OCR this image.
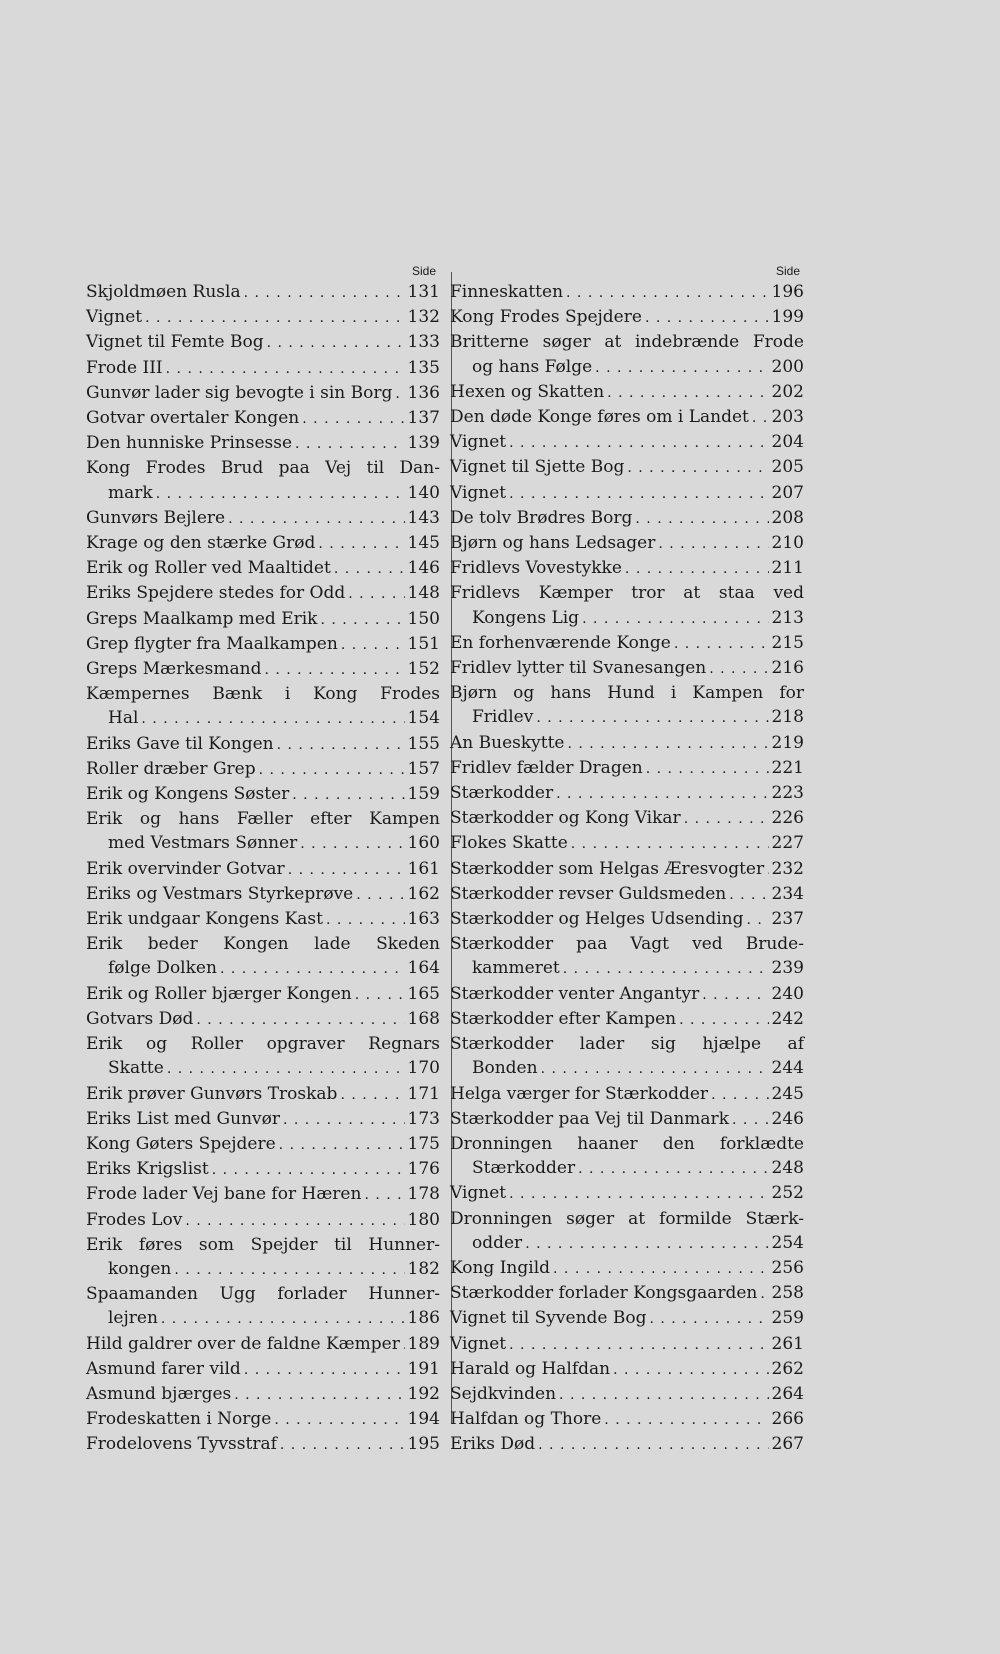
Side
Skjoldmøen Rusla . . .	131
Vignet . . .	132
Vignet til Femte Bog . . .	133
Frode III . . .	135
Gunvør lader sig bevogte i sin Borg . . . 136
Gotvar overtaler Kongen . . .	137
Den hunniske Prinsesse . . .	139
Kong Frodes Brud paa Vej til Dan-
mark . . .	140
Gunvørs Bejlere . . .	143
Krage og den stærke Grød . . .	145
Erik og Roller ved Maaltidet . . .	146
Eriks Spejdere stedes for Odd . . .	148
Greps Maalkamp med Erik . . .	150
Grep flygter fra Maalkampen . . .	151
Greps Mærkesmand . . .	152
Kæmpernes Bænk i Kong Frodes
Hal . . .	154
Eriks Gave til Kongen . . .	155
Roller dræber Grep . . .	157
Erik og Kongens Søster . . .	159
Erik og hans Fæller efter Kampen
med Vestmars Sønner . . .	160
Erik overvinder Gotvar . . .	161
Eriks og Vestmars Styrkeprøve . . .	162
Erik undgaar Kongens Kast . . .	163
Erik beder Kongen lade Skeden
følge Dolken . . .	164
Erik og Roller bjærger Kongen . . .	165
Gotvars Død . . .	168
Erik og Roller opgraver Regnars
Skatte . . .	170
Erik prøver Gunvørs Troskab . . .	171
Eriks List med Gunvør . . .	173
Kong Gøters Spejdere . . .	175
Eriks Krigslist . . .	176
Frode lader Vej bane for Hæren . . .	178
Frodes Lov . . .	180
Erik føres som Spejder til Hunner-
kongen . . .	182
Spaamanden Ugg forlader Hunner-
lejren . . .	186
Hild galdrer over de faldne Kæmper . . . 189
Asmund farer vild . . .	191
Asmund bjærges . . .	192
Frodeskatten i Norge . . .	194
Frodelovens Tyvsstraf . . .	195
Side
Finneskatten . . .	196
Kong Frodes Spejdere . . .	199
Britterne søger at indebrænde Frode
og hans Følge . . .	200
Hexen og Skatten . . .	202
Den døde Konge føres om i Landet . . . 203
Vignet . . .	204
Vignet til Sjette Bog . . .	205
Vignet . . .	207
De tolv Brødres Borg . . .	208
Bjørn og hans Ledsager . . .	210
Fridlevs Vovestykke . . .	211
Fridlevs Kæmper tror at staa ved
Kongens Lig . . .	213
En forhenværende Konge . . .	215
Fridlev lytter til Svanesangen . . .	216
Bjørn og hans Hund i Kampen for
Fridlev . . .	218
An Bueskytte . . .	219
Fridlev fælder Dragen . . .	221
Stærkodder . . .	223
Stærkodder og Kong Vikar . . .	226
Flokes Skatte . . .	227
Stærkodder som Helgas Æresvogter . . . 232
Stærkodder revser Guldsmeden . . .	234
Stærkodder og Helges Udsending . . . 237
Stærkodder paa Vagt ved Brude-
kammeret . . .	239
Stærkodder venter Angantyr . . .	240
Stærkodder efter Kampen . . .	242
Stærkodder lader sig hjælpe af
Bonden . . .	244
Helga værger for Stærkodder . . .	245
Stærkodder paa Vej til Danmark . . .	246
Dronningen haaner den forklædte
Stærkodder . . .	248
Vignet . . .	252
Dronningen søger at formilde Stærk-
odder . . .	254
Kong Ingild . . .	256
Stærkodder forlader Kongsgaarden . . . 258
Vignet til Syvende Bog . . .	259
Vignet . . .	261
Harald og Halfdan . . .	262
Sejdkvinden . . .	264
Halfdan og Thore . . .	266
Eriks Død . . .	267
